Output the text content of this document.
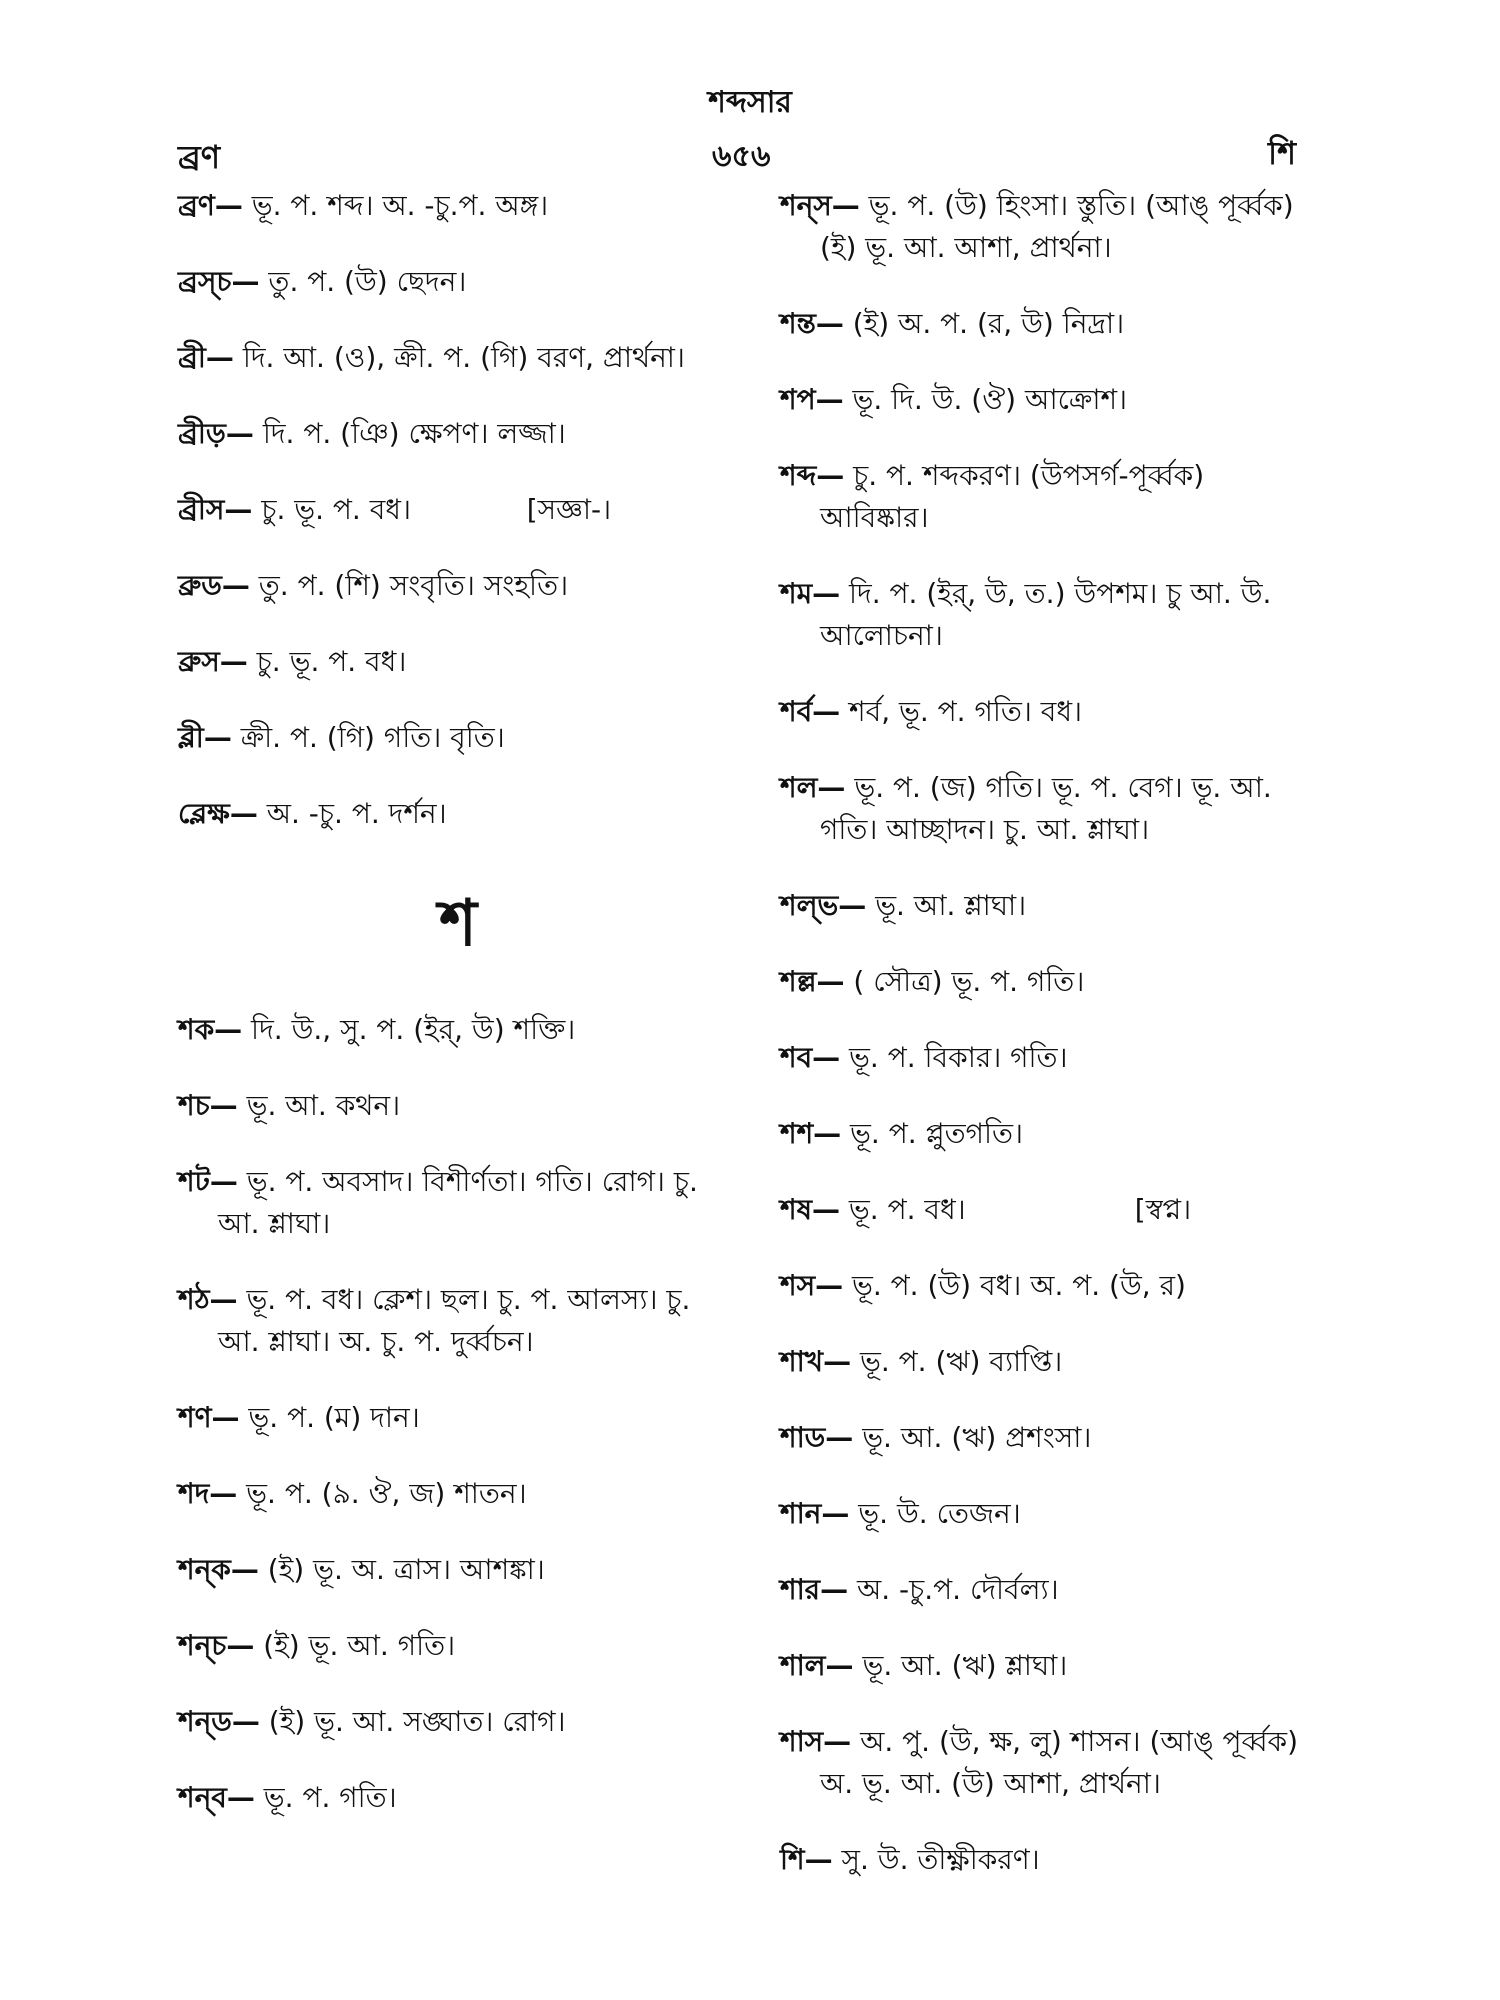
শব্দসার
ব্রণ	৬৫৬	শি

ব্রণ— ভূ. প. শব্দ। অ. -চু.প. অঙ্গ।

ব্রস্‌চ— তু. প. (উ) ছেদন।

ব্রী— দি. আ. (ও), ক্রী. প. (গি) বরণ, প্রার্থনা।

ব্রীড়— দি. প. (ঞি) ক্ষেপণ। লজ্জা।

ব্রীস— চু. ভূ. প. বধ।             [সজ্ঞা-।

ব্রুড— তু. প. (শি) সংবৃতি। সংহতি।

ব্রুস— চু. ভূ. প. বধ।

ব্লী— ক্রী. প. (গি) গতি। বৃতি।

ব্লেক্ষ— অ. -চু. প. দর্শন।

শ

শক— দি. উ., সু. প. (ইর্‌, উ) শক্তি।

শচ— ভূ. আ. কথন।

শট— ভূ. প. অবসাদ। বিশীর্ণতা। গতি। রোগ। চু. আ. শ্লাঘা।

শঠ— ভূ. প. বধ। ক্লেশ। ছল। চু. প. আলস্য। চু. আ. শ্লাঘা। অ. চু. প. দুর্ব্বচন।

শণ— ভূ. প. (ম) দান।

শদ— ভূ. প. (৯. ঔ, জ) শাতন।

শন্‌ক— (ই) ভূ. অ. ত্রাস। আশঙ্কা।

শন্‌চ— (ই) ভূ. আ. গতি।

শন্‌ড— (ই) ভূ. আ. সঙ্ঘাত। রোগ।

শন্‌ব— ভূ. প. গতি।

শন্‌স— ভূ. প. (উ) হিংসা। স্তুতি। (আঙ্ পূর্ব্বক) (ই) ভূ. আ. আশা, প্রার্থনা।

শন্ত— (ই) অ. প. (র, উ) নিদ্রা।

শপ— ভূ. দি. উ. (ঔ) আক্রোশ।

শব্দ— চু. প. শব্দকরণ। (উপসর্গ-পূর্ব্বক) আবিষ্কার।

শম— দি. প. (ইর্‌, উ, ত.) উপশম। চু আ. উ. আলোচনা।

শর্ব— শর্ব, ভূ. প. গতি। বধ।

শল— ভূ. প. (জ) গতি। ভূ. প. বেগ। ভূ. আ. গতি। আচ্ছাদন। চু. আ. শ্লাঘা।

শল্‌ভ— ভূ. আ. শ্লাঘা।

শল্ল— ( সৌত্র) ভূ. প. গতি।

শব— ভূ. প. বিকার। গতি।

শশ— ভূ. প. প্লুতগতি।

শষ— ভূ. প. বধ।                   [স্বপ্ন।

শস— ভূ. প. (উ) বধ। অ. প. (উ, র)

শাখ— ভূ. প. (ঋ) ব্যাপ্তি।

শাড— ভূ. আ. (ঋ) প্রশংসা।

শান— ভূ. উ. তেজন।

শার— অ. -চু.প. দৌর্বল্য।

শাল— ভূ. আ. (ঋ) শ্লাঘা।

শাস— অ. পু. (উ, ক্ষ, লু) শাসন। (আঙ্ পূর্ব্বক) অ. ভূ. আ. (উ) আশা, প্রার্থনা।

শি— সু. উ. তীক্ষ্ণীকরণ।
